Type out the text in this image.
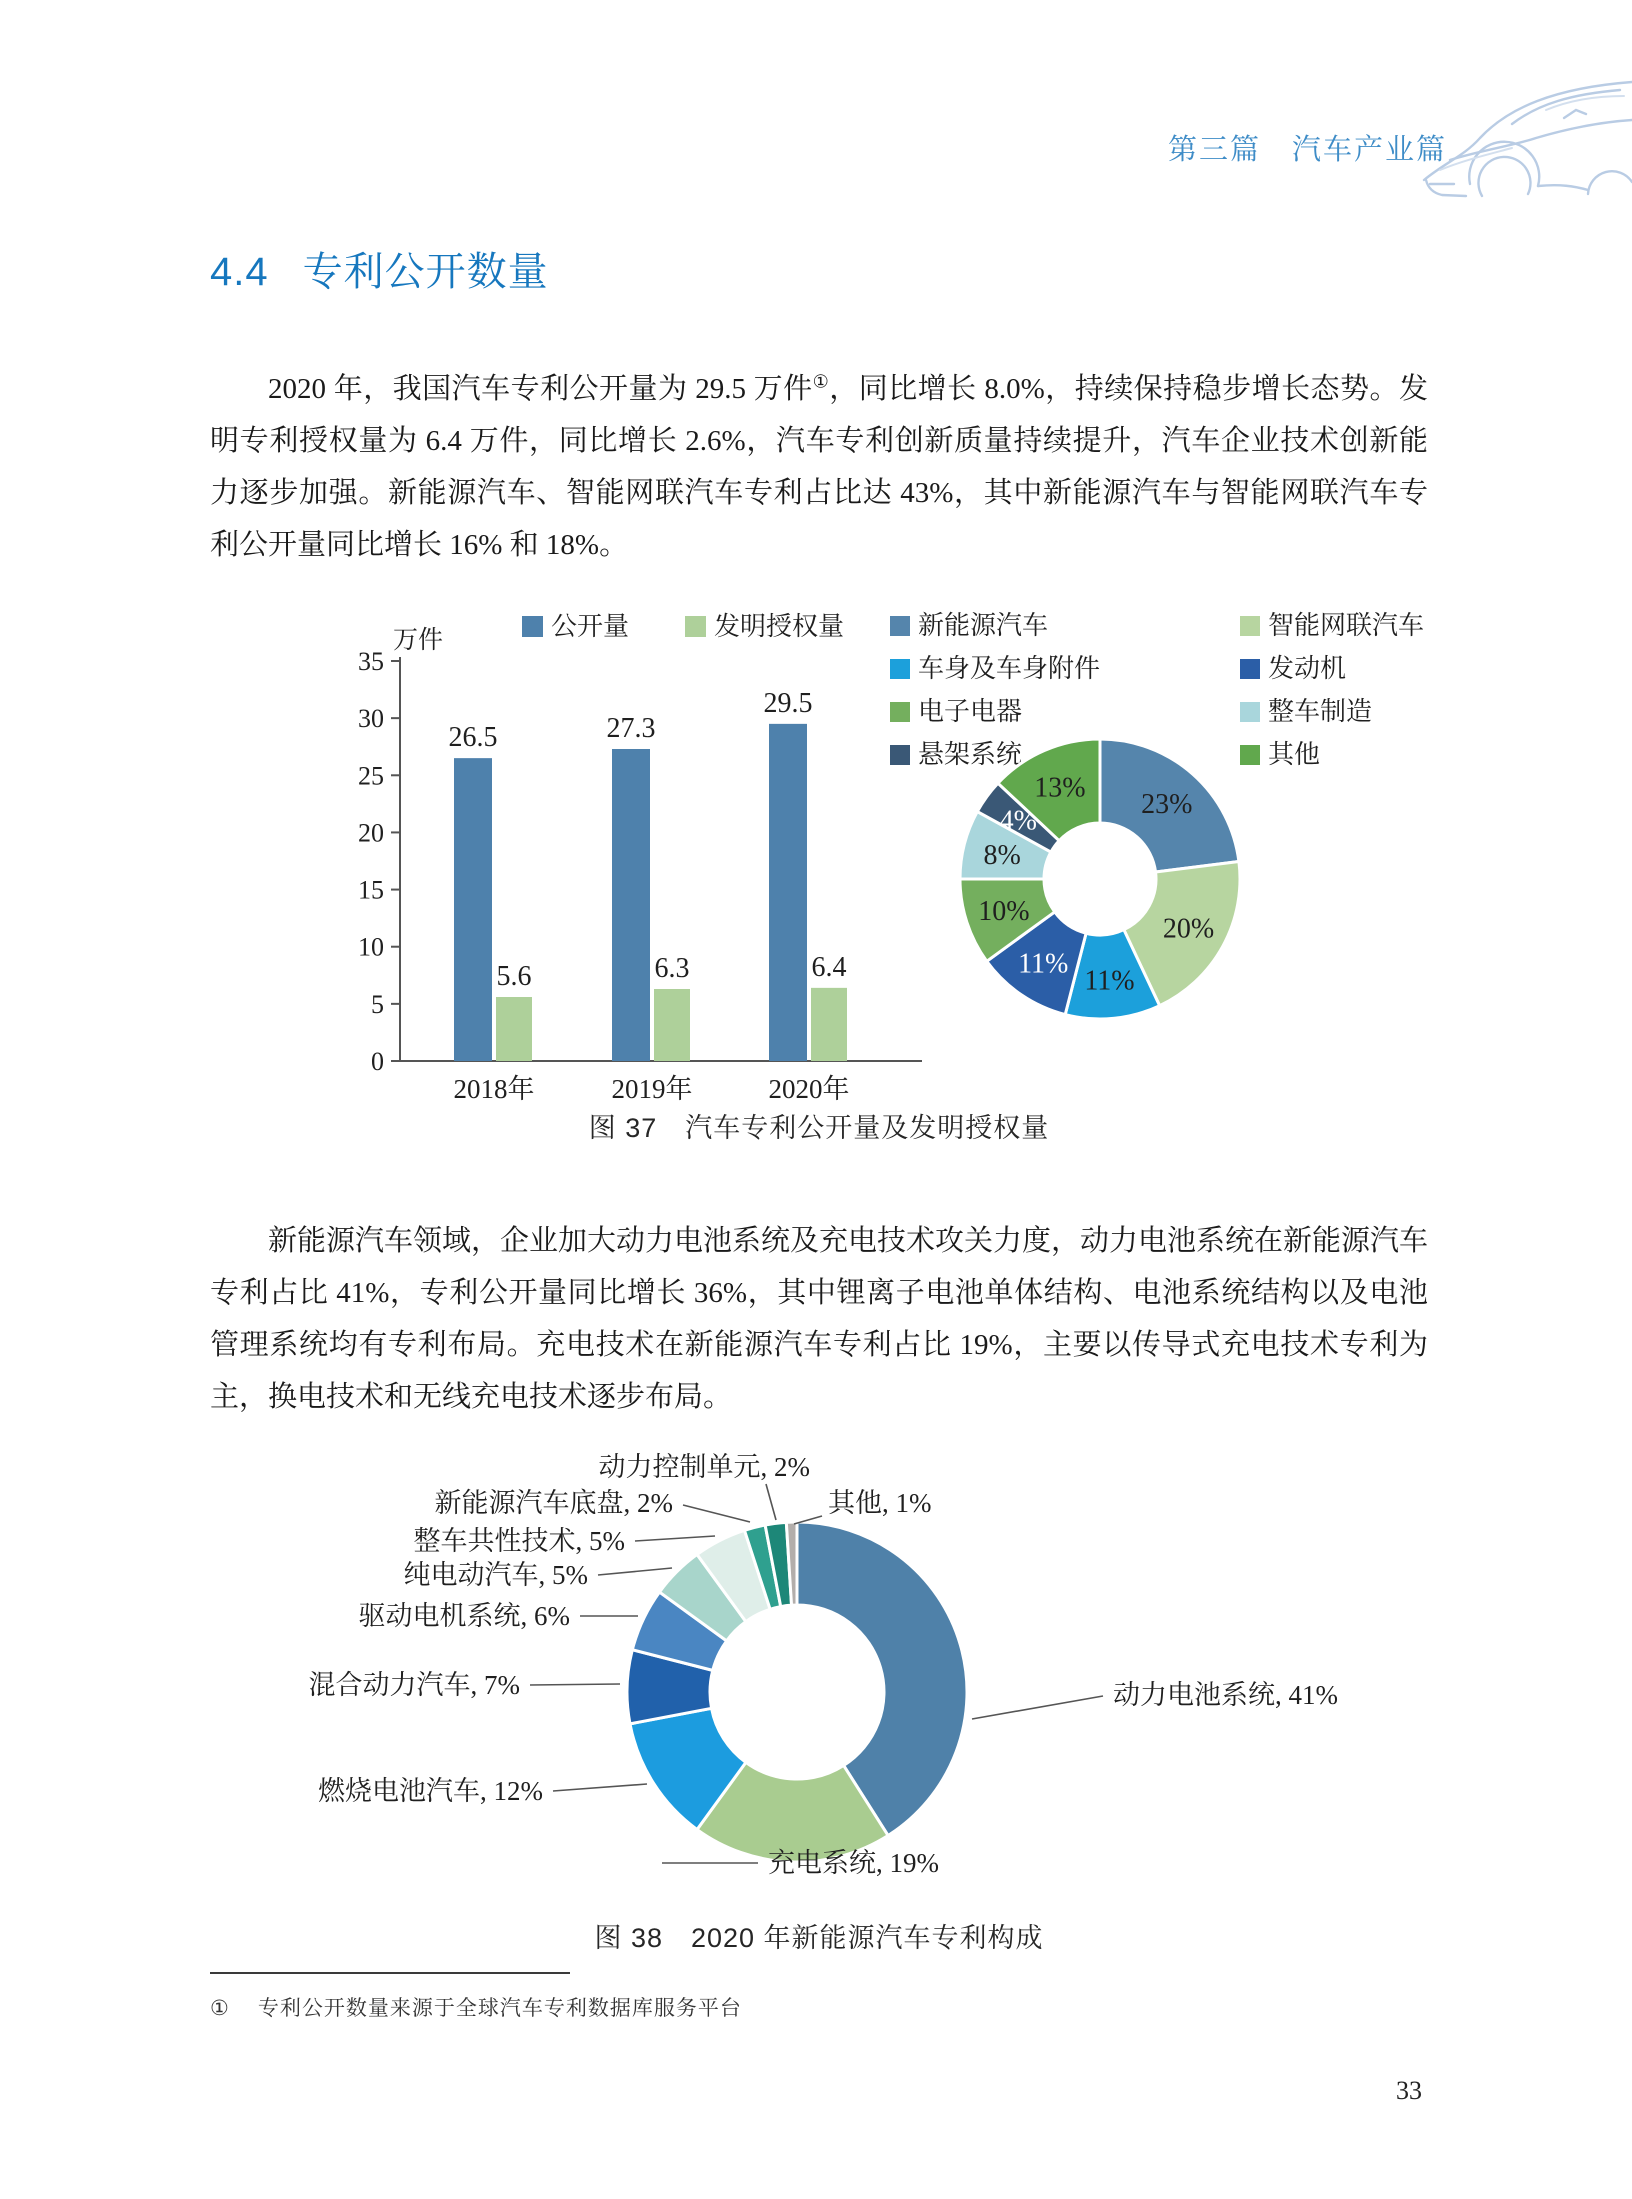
第三篇　汽车产业篇
4.4 专利公开数量

2020 年，我国汽车专利公开量为 29.5 万件①，同比增长 8.0%，持续保持稳步增长态势。发明专利授权量为 6.4 万件，同比增长 2.6%，汽车专利创新质量持续提升，汽车企业技术创新能力逐步加强。新能源汽车、智能网联汽车专利占比达 43%，其中新能源汽车与智能网联汽车专利公开量同比增长 16% 和 18%。

0
5
10
15
20
25
30
35
万件
26.5
5.6
2018年
27.3
6.3
2019年
29.5
6.4
2020年
公开量	发明授权量	新能源汽车	智能网联汽车
车身及车身附件	发动机
电子电器	整车制造
悬架系统	其他
23%
20%
11%
11%
10%
8%
4%
13%
图 37　汽车专利公开量及发明授权量

新能源汽车领域，企业加大动力电池系统及充电技术攻关力度，动力电池系统在新能源汽车专利占比 41%，专利公开量同比增长 36%，其中锂离子电池单体结构、电池系统结构以及电池管理系统均有专利布局。充电技术在新能源汽车专利占比 19%，主要以传导式充电技术专利为主，换电技术和无线充电技术逐步布局。

动力电池系统, 41%
充电系统, 19%
燃烧电池汽车, 12%
混合动力汽车, 7%
驱动电机系统, 6%
纯电动汽车, 5%
整车共性技术, 5%
新能源汽车底盘, 2%
动力控制单元, 2%
其他, 1%
图 38　2020 年新能源汽车专利构成
① 专利公开数量来源于全球汽车专利数据库服务平台
33
